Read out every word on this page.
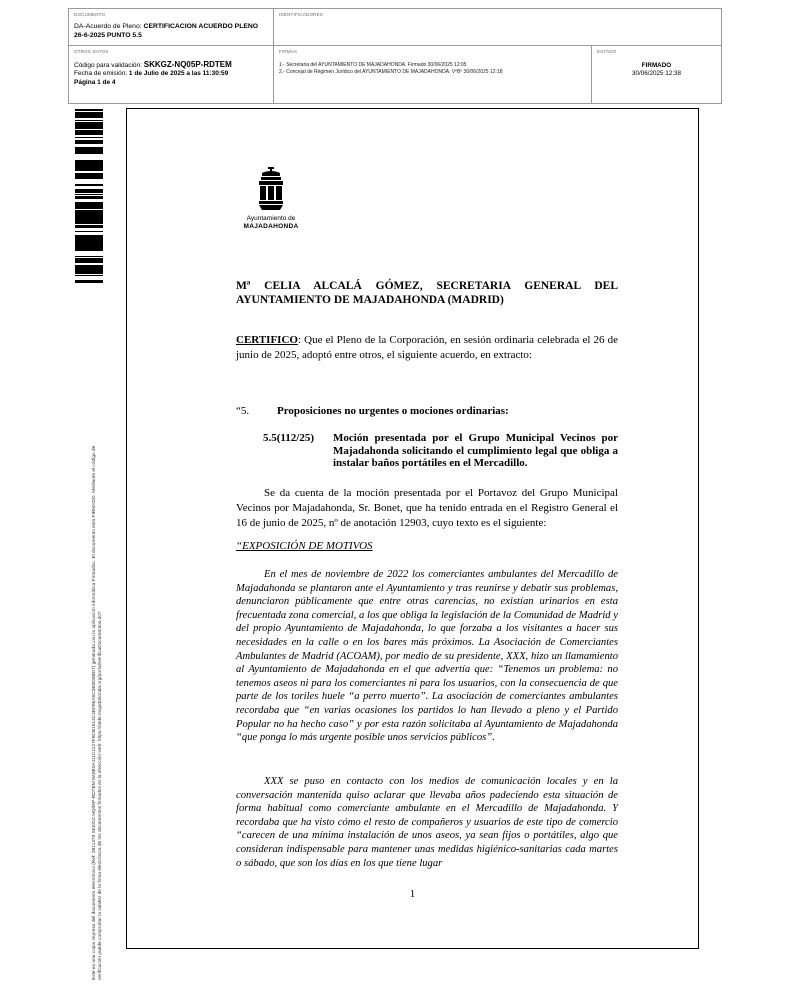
DOCUMENTO
DA-Acuerdo de Pleno: CERTIFICACION ACUERDO PLENO 26-6-2025 PUNTO 5.5
IDENTIFICADORES
OTROS DATOS
Código para validación: SKKGZ-NQ05P-RDTEM
Fecha de emisión: 1 de Julio de 2025 a las 11:30:59
Página 1 de 4
FIRMAS
1.- Secretaria del AYUNTAMIENTO DE MAJADAHONDA. Firmado 30/06/2025 12:05
2.- Concejal de Régimen Jurídico del AYUNTAMIENTO DE MAJADAHONDA. VºBº 30/06/2025 12:18
ESTADO
FIRMADO
30/06/2025 12:38
Este es una copia impresa del documento electrónico (Ref: 3811379 SKKGZ-NQ05P-RDTEM 8A8E0A111C1127F6CB1514C4EF86A5C3E9D0BD7) generada con la aplicación informática Firmadoc. El documento está FIRMADO. Mediante el código de verificación puede comprobar la validez de la firma electrónica de los documentos firmados en la dirección web: https://sede.majadahonda.org/portal/verificaDocumentos.do?
Ayuntamiento de
MAJADAHONDA
Mª CELIA ALCALÁ GÓMEZ, SECRETARIA GENERAL DEL
AYUNTAMIENTO DE MAJADAHONDA (MADRID)
CERTIFICO: Que el Pleno de la Corporación, en sesión ordinaria celebrada el 26 de junio de 2025, adoptó entre otros, el siguiente acuerdo, en extracto:
“5.	Proposiciones no urgentes o mociones ordinarias:
5.5(112/25) Moción presentada por el Grupo Municipal Vecinos por Majadahonda solicitando el cumplimiento legal que obliga a instalar baños portátiles en el Mercadillo.
Se da cuenta de la moción presentada por el Portavoz del Grupo Municipal Vecinos por Majadahonda, Sr. Bonet, que ha tenido entrada en el Registro General el 16 de junio de 2025, nº de anotación 12903, cuyo texto es el siguiente:
“EXPOSICIÓN DE MOTIVOS
En el mes de noviembre de 2022 los comerciantes ambulantes del Mercadillo de Majadahonda se plantaron ante el Ayuntamiento y tras reunirse y debatir sus problemas, denunciaron públicamente que entre otras carencias, no existían urinarios en esta frecuentada zona comercial, a los que obliga la legislación de la Comunidad de Madrid y del propio Ayuntamiento de Majadahonda, lo que forzaba a los visitantes a hacer sus necesidades en la calle o en los bares más próximos. La Asociación de Comerciantes Ambulantes de Madrid (ACOAM), por medio de su presidente, XXX, hizo un llamamiento al Ayuntamiento de Majadahonda en el que advertía que: “Tenemos un problema: no tenemos aseos ni para los comerciantes ni para los usuarios, con la consecuencia de que parte de los toriles huele “a perro muerto”. La asociación de comerciantes ambulantes recordaba que “en varias ocasiones los partidos lo han llevado a pleno y el Partido Popular no ha hecho caso” y por esta razón solicitaba al Ayuntamiento de Majadahonda “que ponga lo más urgente posible unos servicios públicos”.
XXX se puso en contacto con los medios de comunicación locales y en la conversación mantenida quiso aclarar que llevaba años padeciendo esta situación de forma habitual como comerciante ambulante en el Mercadillo de Majadahonda. Y recordaba que ha visto cómo el resto de compañeros y usuarios de este tipo de comercio “carecen de una mínima instalación de unos aseos, ya sean fijos o portátiles, algo que consideran indispensable para mantener unas medidas higiénico-sanitarias cada martes o sábado, que son los días en los que tiene lugar
1
